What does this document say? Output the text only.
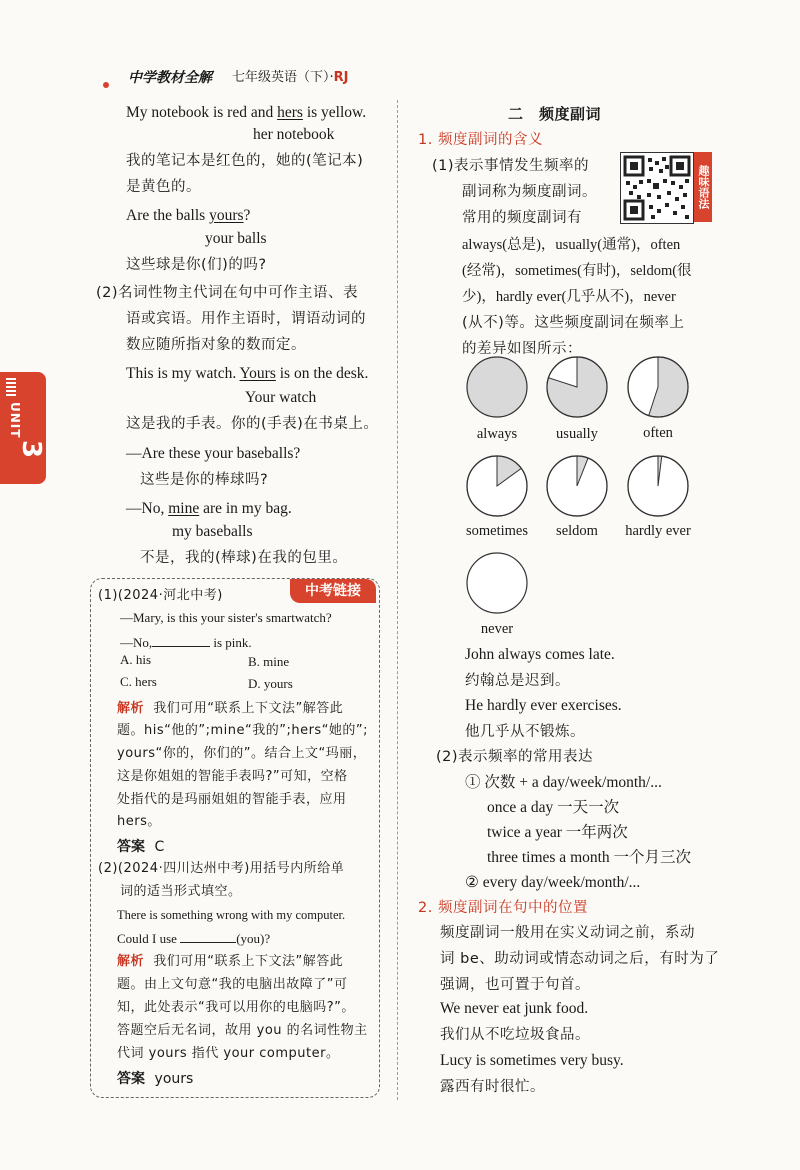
中学教材全解 七年级英语（下）·RJ
UNIT
3
My notebook is red and hers is yellow.
her notebook
我的笔记本是红色的，她的(笔记本)
是黄色的。
Are the balls yours?
your balls
这些球是你(们)的吗?
(2)名词性物主代词在句中可作主语、表
语或宾语。用作主语时，谓语动词的
数应随所指对象的数而定。
This is my watch. Yours is on the desk.
Your watch
这是我的手表。你的(手表)在书桌上。
—Are these your baseballs?
这些是你的棒球吗?
—No, mine are in my bag.
my baseballs
不是，我的(棒球)在我的包里。
中考链接
(1)(2024·河北中考)
—Mary, is this your sister's smartwatch?
—No,	is pink.
A. his	B. mine
C. hers	D. yours
解析 我们可用“联系上下文法”解答此
题。his“他的”;mine“我的”;hers“她的”;
yours“你的，你们的”。结合上文“玛丽，
这是你姐姐的智能手表吗?”可知，空格
处指代的是玛丽姐姐的智能手表，应用
hers。
答案 C
(2)(2024·四川达州中考)用括号内所给单
词的适当形式填空。
There is something wrong with my computer.
Could I use	(you)?
解析 我们可用“联系上下文法”解答此
题。由上文句意“我的电脑出故障了”可
知，此处表示“我可以用你的电脑吗?”。
答题空后无名词，故用 you 的名词性物主
代词 yours 指代 your computer。
答案 yours
二　频度副词
1. 频度副词的含义
(1)表示事情发生频率的
副词称为频度副词。
常用的频度副词有
趣味语法
always(总是)，usually(通常)，often
(经常)，sometimes(有时)，seldom(很
少)，hardly ever(几乎从不)，never
(从不)等。这些频度副词在频率上
的差异如图所示：
always	usually	often
sometimes	seldom	hardly ever
never
John always comes late.
约翰总是迟到。
He hardly ever exercises.
他几乎从不锻炼。
(2)表示频率的常用表达
① 次数 + a day/week/month/...
once a day 一天一次
twice a year 一年两次
three times a month 一个月三次
② every day/week/month/...
2. 频度副词在句中的位置
频度副词一般用在实义动词之前，系动
词 be、助动词或情态动词之后，有时为了
强调，也可置于句首。
We never eat junk food.
我们从不吃垃圾食品。
Lucy is sometimes very busy.
露西有时很忙。
